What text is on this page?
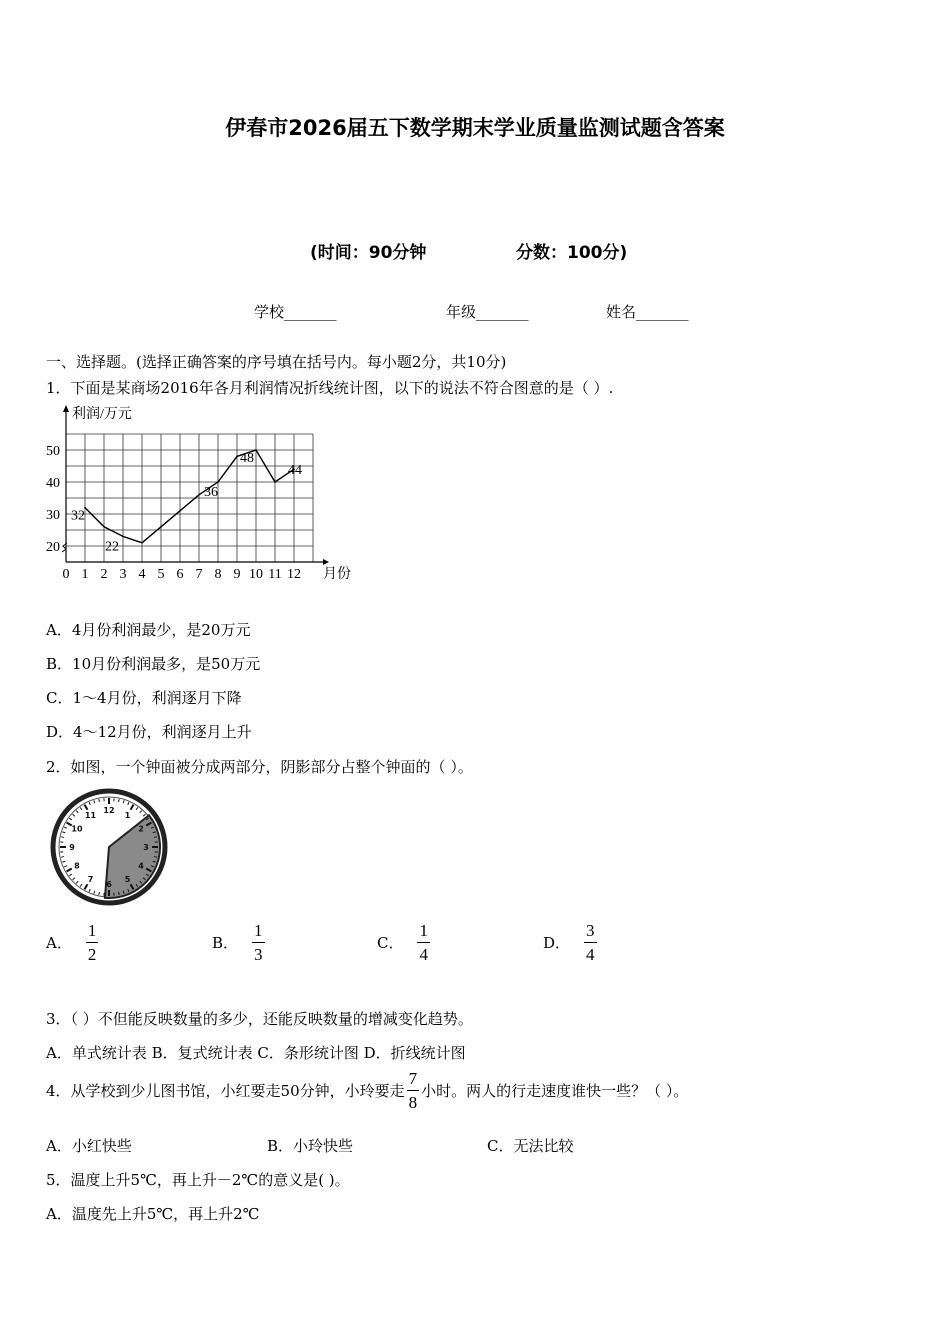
伊春市2026届五下数学期末学业质量监测试题含答案
(时间：90分钟	分数：100分)
学校_______	年级_______	姓名_______
一、选择题。(选择正确答案的序号填在括号内。每小题2分，共10分)
1．下面是某商场2016年各月利润情况折线统计图，以下的说法不符合图意的是（ ）.
0 1 2 3 4 5 6 7 8 9 10 11 12
20
30
40
50
利润/万元
月份
32
22
36
48
44
A．4月份利润最少，是20万元
B．10月份利润最多，是50万元
C．1～4月份，利润逐月下降
D．4～12月份，利润逐月上升
2．如图，一个钟面被分成两部分，阴影部分占整个钟面的（ ）。
12
1
2
3
4
5
6
7
8
9
10
11
A． $\frac{1}{2}$	B． $\frac{1}{3}$	C． $\frac{1}{4}$	D． $\frac{3}{4}$
3．（ ）不但能反映数量的多少，还能反映数量的增减变化趋势。
A．单式统计表 B．复式统计表 C．条形统计图 D．折线统计图
4．从学校到少儿图书馆，小红要走50分钟，小玲要走 $\frac{7}{8}$ 小时。两人的行走速度谁快一些？（ ）。
A．小红快些	B．小玲快些	C．无法比较
5．温度上升5℃，再上升－2℃的意义是( )。
A．温度先上升5℃，再上升2℃
